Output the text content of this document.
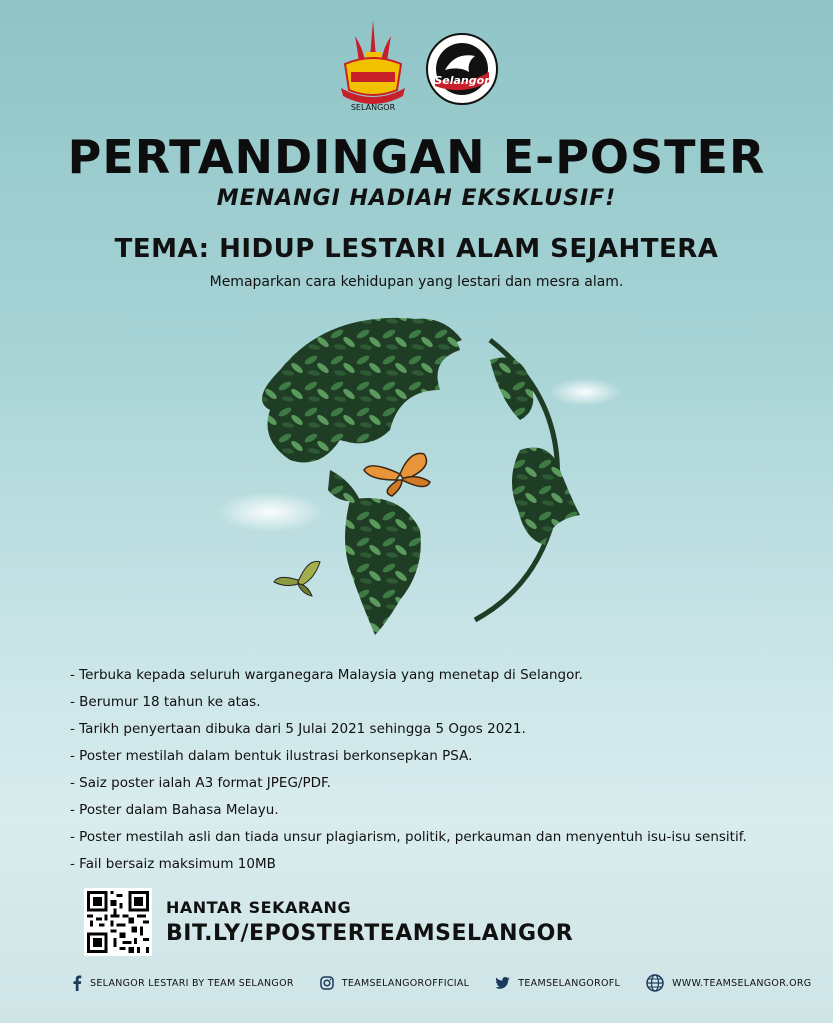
SELANGOR
Selangor
PERTANDINGAN E-POSTER
MENANGI HADIAH EKSKLUSIF!
TEMA: HIDUP LESTARI ALAM SEJAHTERA
Memaparkan cara kehidupan yang lestari dan mesra alam.
- Terbuka kepada seluruh warganegara Malaysia yang menetap di Selangor.
- Berumur 18 tahun ke atas.
- Tarikh penyertaan dibuka dari 5 Julai 2021 sehingga 5 Ogos 2021.
- Poster mestilah dalam bentuk ilustrasi berkonsepkan PSA.
- Saiz poster ialah A3 format JPEG/PDF.
- Poster dalam Bahasa Melayu.
- Poster mestilah asli dan tiada unsur plagiarism, politik, perkauman dan menyentuh isu-isu sensitif.
- Fail bersaiz maksimum 10MB
HANTAR SEKARANG
BIT.LY/EPOSTERTEAMSELANGOR
SELANGOR LESTARI BY TEAM SELANGOR	TEAMSELANGOROFFICIAL	TEAMSELANGOROFL	WWW.TEAMSELANGOR.ORG
